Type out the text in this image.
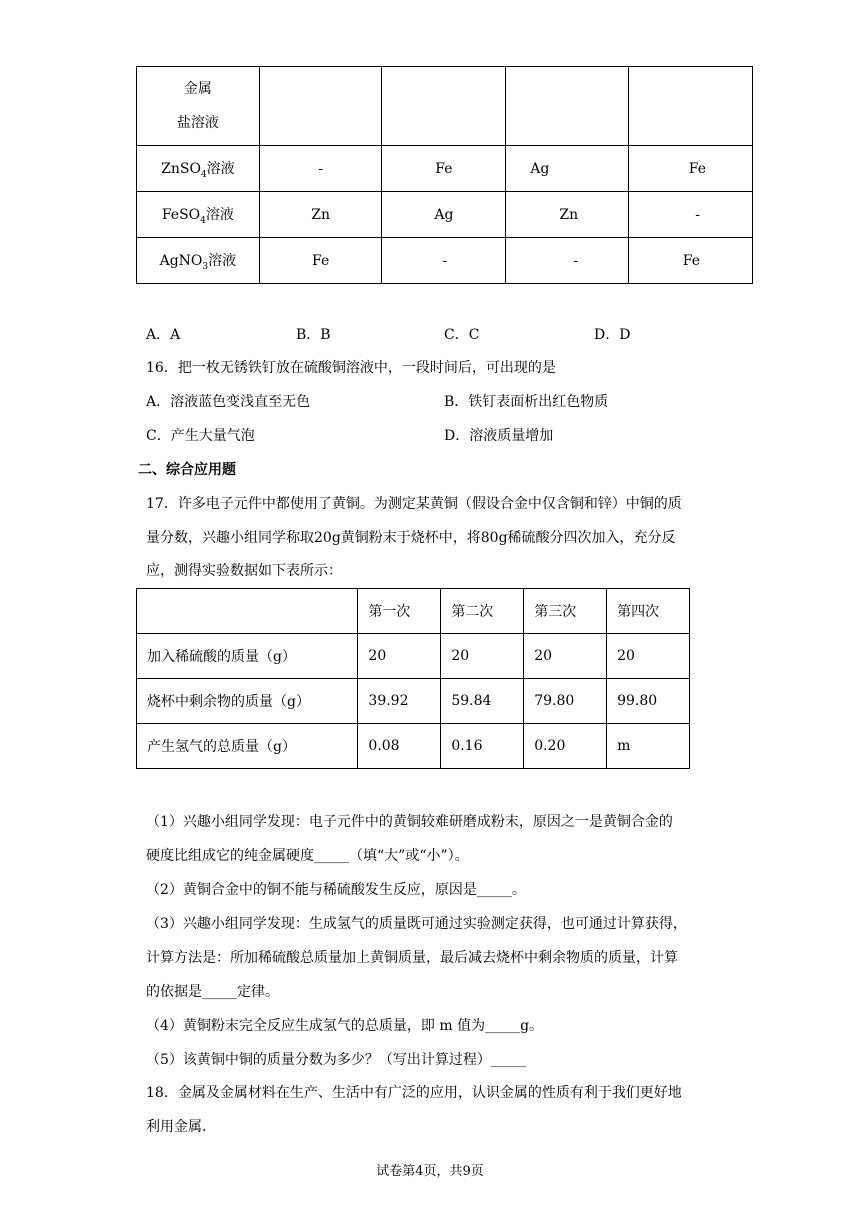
金属
盐溶液				

ZnSO$_4$溶液	-	Fe	Ag	Fe
FeSO$_4$溶液	Zn	Ag	Zn	-
AgNO$_3$溶液	Fe	-	-	Fe
A．A	B．B	C．C	D．D
16．把一枚无锈铁钉放在硫酸铜溶液中，一段时间后，可出现的是
A．溶液蓝色变浅直至无色	B．铁钉表面析出红色物质
C．产生大量气泡	D．溶液质量增加
二、综合应用题
17．许多电子元件中都使用了黄铜。为测定某黄铜（假设合金中仅含铜和锌）中铜的质
量分数，兴趣小组同学称取20g黄铜粉末于烧杯中，将80g稀硫酸分四次加入，充分反
应，测得实验数据如下表所示：
	第一次	第二次	第三次	第四次
加入稀硫酸的质量（g）	20	20	20	20
烧杯中剩余物的质量（g）	39.92	59.84	79.80	99.80
产生氢气的总质量（g）	0.08	0.16	0.20	m
（1）兴趣小组同学发现：电子元件中的黄铜较难研磨成粉末，原因之一是黄铜合金的
硬度比组成它的纯金属硬度_____（填“大”或“小”）。
（2）黄铜合金中的铜不能与稀硫酸发生反应，原因是_____。
（3）兴趣小组同学发现：生成氢气的质量既可通过实验测定获得，也可通过计算获得，
计算方法是：所加稀硫酸总质量加上黄铜质量，最后减去烧杯中剩余物质的质量，计算
的依据是_____定律。
（4）黄铜粉末完全反应生成氢气的总质量，即 m 值为_____g。
（5）该黄铜中铜的质量分数为多少？（写出计算过程）_____
18．金属及金属材料在生产、生活中有广泛的应用，认识金属的性质有利于我们更好地
利用金属.
试卷第4页，共9页
